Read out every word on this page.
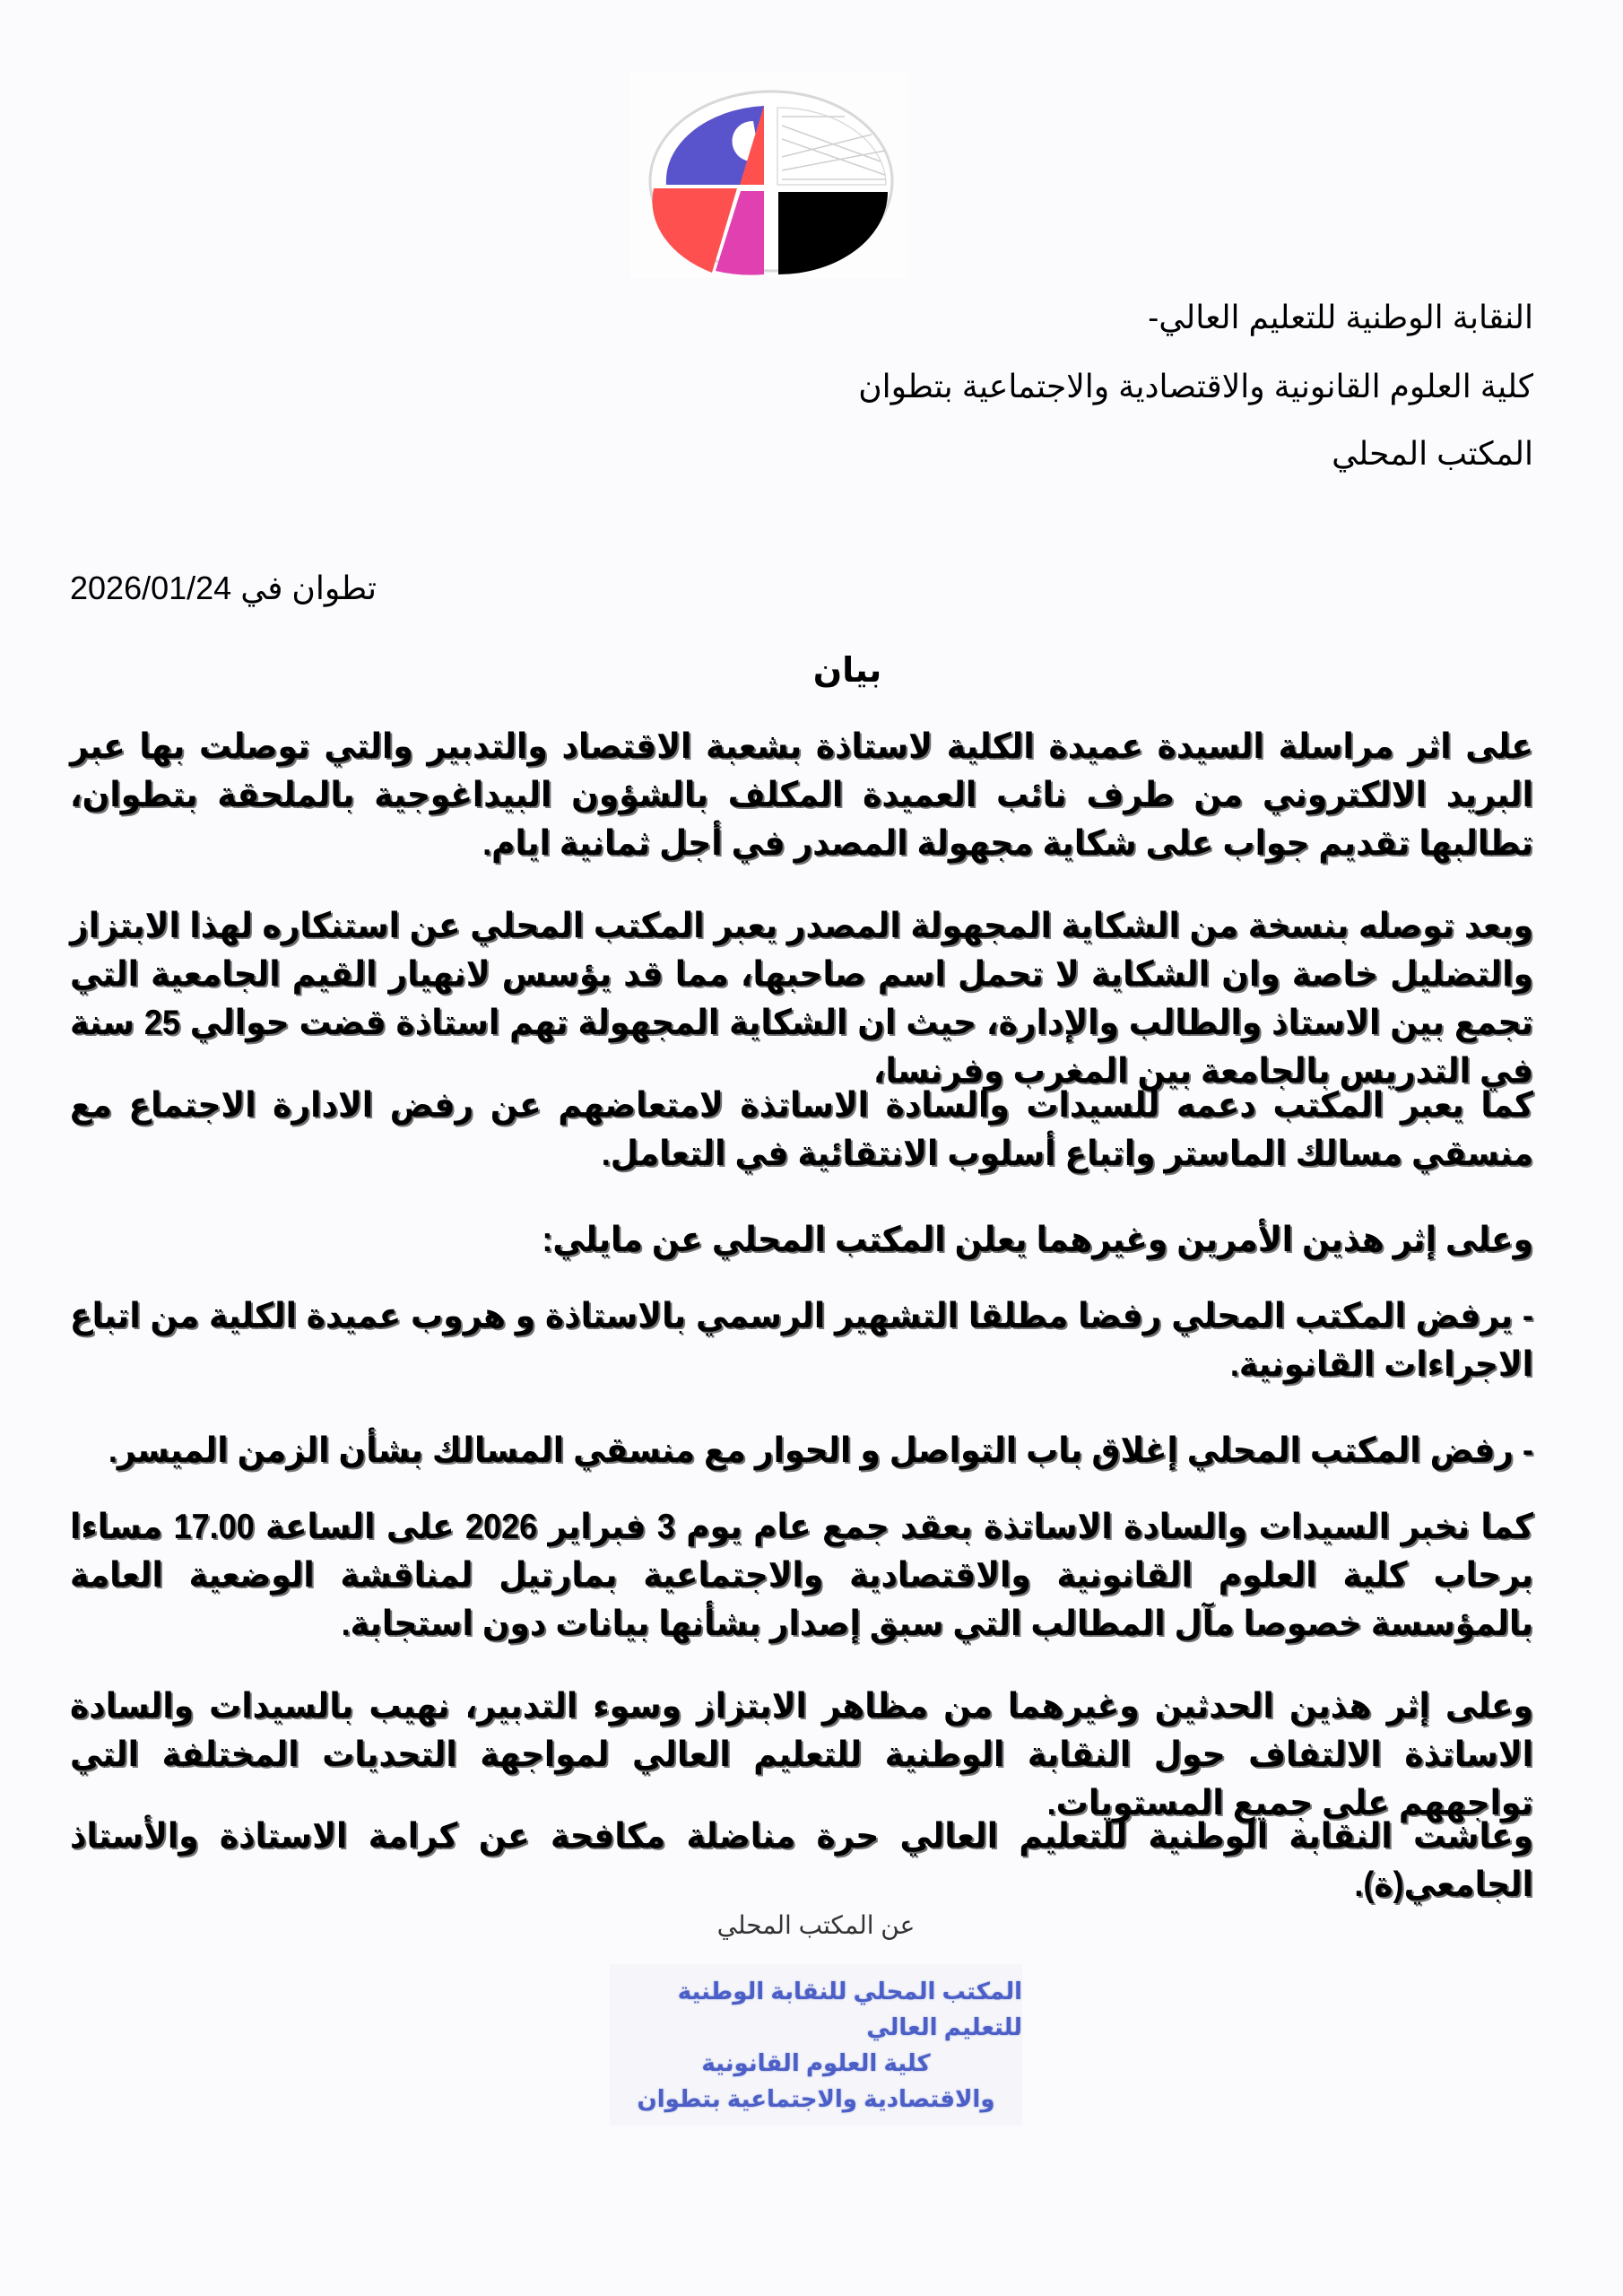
النقابة الوطنية للتعليم العالي-
كلية العلوم القانونية والاقتصادية والاجتماعية بتطوان
المكتب المحلي
تطوان في 2026/01/24
بيان
على اثر مراسلة السيدة عميدة الكلية لاستاذة بشعبة الاقتصاد والتدبير والتي توصلت بها عبر البريد الالكتروني من طرف نائب العميدة المكلف بالشؤون البيداغوجية بالملحقة بتطوان، تطالبها تقديم جواب على شكاية مجهولة المصدر في أجل ثمانية ايام.
وبعد توصله بنسخة من الشكاية المجهولة المصدر يعبر المكتب المحلي عن استنكاره لهذا الابتزاز والتضليل خاصة وان الشكاية لا تحمل اسم صاحبها، مما قد يؤسس لانهيار القيم الجامعية التي تجمع بين الاستاذ والطالب والإدارة، حيث ان الشكاية المجهولة تهم استاذة قضت حوالي 25 سنة في التدريس بالجامعة بين المغرب وفرنسا،
كما يعبر المكتب دعمه للسيدات والسادة الاساتذة لامتعاضهم عن رفض الادارة الاجتماع مع منسقي مسالك الماستر واتباع أسلوب الانتقائية في التعامل.
وعلى إثر هذين الأمرين وغيرهما يعلن المكتب المحلي عن مايلي:
- يرفض المكتب المحلي رفضا مطلقا التشهير الرسمي بالاستاذة و هروب عميدة الكلية من اتباع الاجراءات القانونية.
- رفض المكتب المحلي إغلاق باب التواصل و الحوار مع منسقي المسالك بشأن الزمن الميسر.
كما نخبر السيدات والسادة الاساتذة بعقد جمع عام يوم 3 فبراير 2026 على الساعة 17.00 مساءا برحاب كلية العلوم القانونية والاقتصادية والاجتماعية بمارتيل لمناقشة الوضعية العامة بالمؤسسة خصوصا مآل المطالب التي سبق إصدار بشأنها بيانات دون استجابة.
وعلى إثر هذين الحدثين وغيرهما من مظاهر الابتزاز وسوء التدبير، نهيب بالسيدات والسادة الاساتذة الالتفاف حول النقابة الوطنية للتعليم العالي لمواجهة التحديات المختلفة التي تواجههم على جميع المستويات.
وعاشت النقابة الوطنية للتعليم العالي حرة مناضلة مكافحة عن كرامة الاستاذة والأستاذ الجامعي(ة).
عن المكتب المحلي
المكتب المحلي للنقابة الوطنية للتعليم العالي
كلية العلوم القانونية
والاقتصادية والاجتماعية بتطوان
